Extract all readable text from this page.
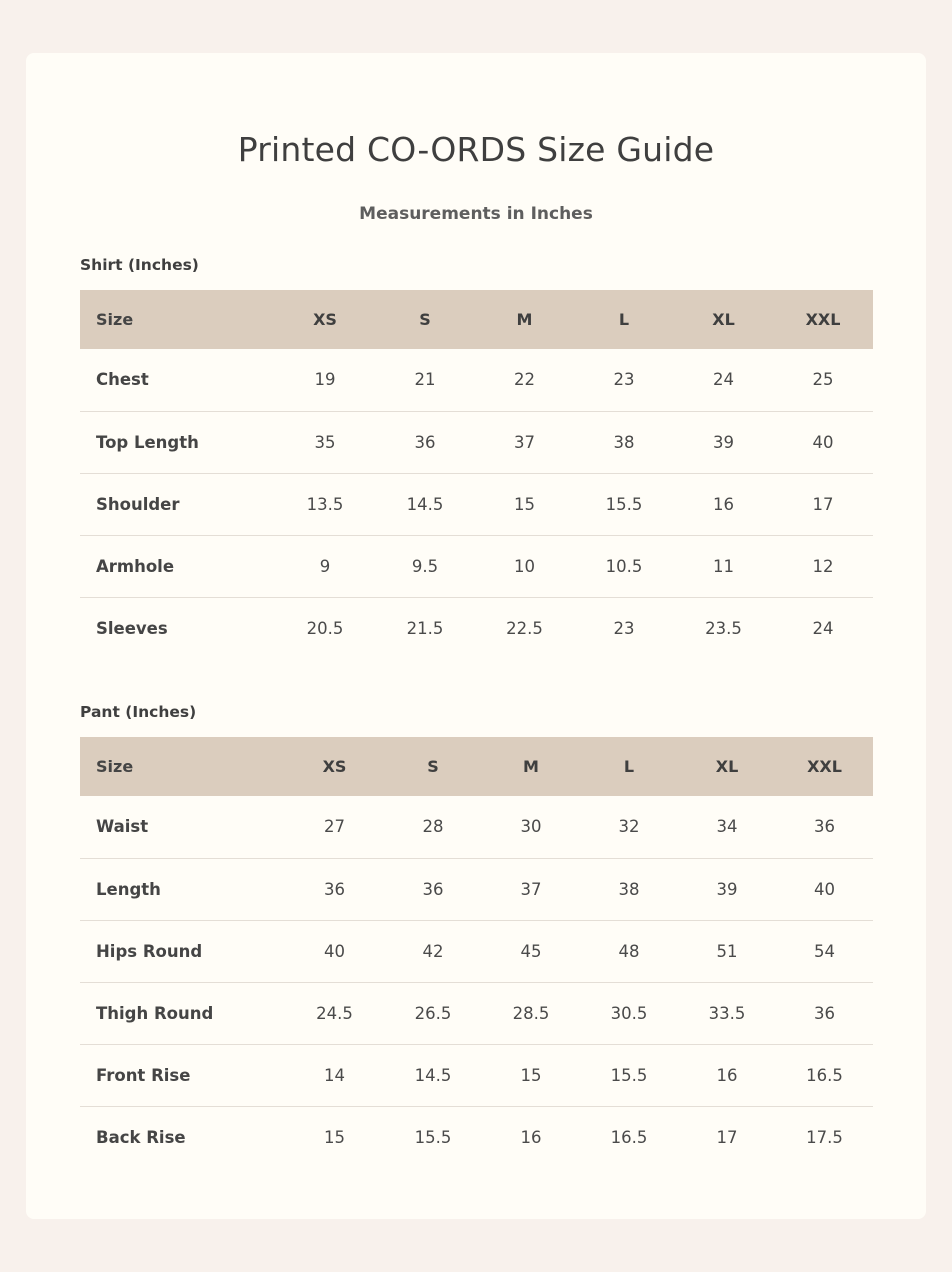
Printed CO-ORDS Size Guide
Measurements in Inches
Shirt (Inches)
Size	XS	S	M	L	XL	XXL
Chest	19	21	22	23	24	25
Top Length	35	36	37	38	39	40
Shoulder	13.5	14.5	15	15.5	16	17
Armhole	9	9.5	10	10.5	11	12
Sleeves	20.5	21.5	22.5	23	23.5	24
Pant (Inches)
Size	XS	S	M	L	XL	XXL
Waist	27	28	30	32	34	36
Length	36	36	37	38	39	40
Hips Round	40	42	45	48	51	54
Thigh Round	24.5	26.5	28.5	30.5	33.5	36
Front Rise	14	14.5	15	15.5	16	16.5
Back Rise	15	15.5	16	16.5	17	17.5
